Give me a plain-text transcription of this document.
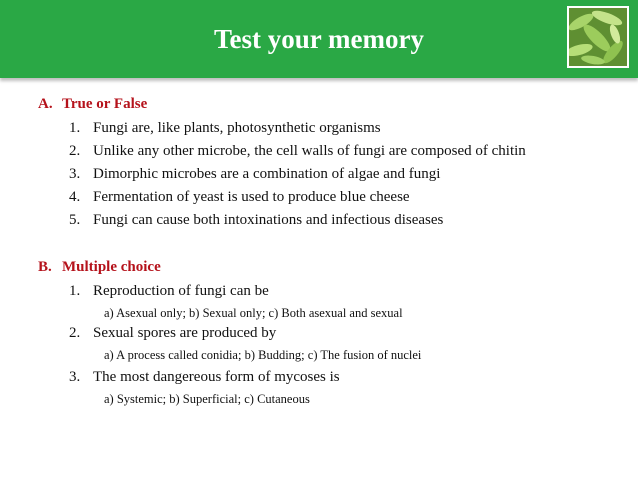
Test your memory
A. True or False
1. Fungi are, like plants, photosynthetic organisms
2. Unlike any other microbe, the cell walls of fungi are composed of chitin
3. Dimorphic microbes are a combination of algae and fungi
4. Fermentation of yeast is used to produce blue cheese
5. Fungi can cause both intoxinations and infectious diseases
B. Multiple choice
1. Reproduction of fungi can be
a) Asexual only; b) Sexual only; c) Both asexual and sexual
2. Sexual spores are produced by
a) A process called conidia; b) Budding; c) The fusion of nuclei
3. The most dangereous form of mycoses is
a) Systemic; b) Superficial; c) Cutaneous
